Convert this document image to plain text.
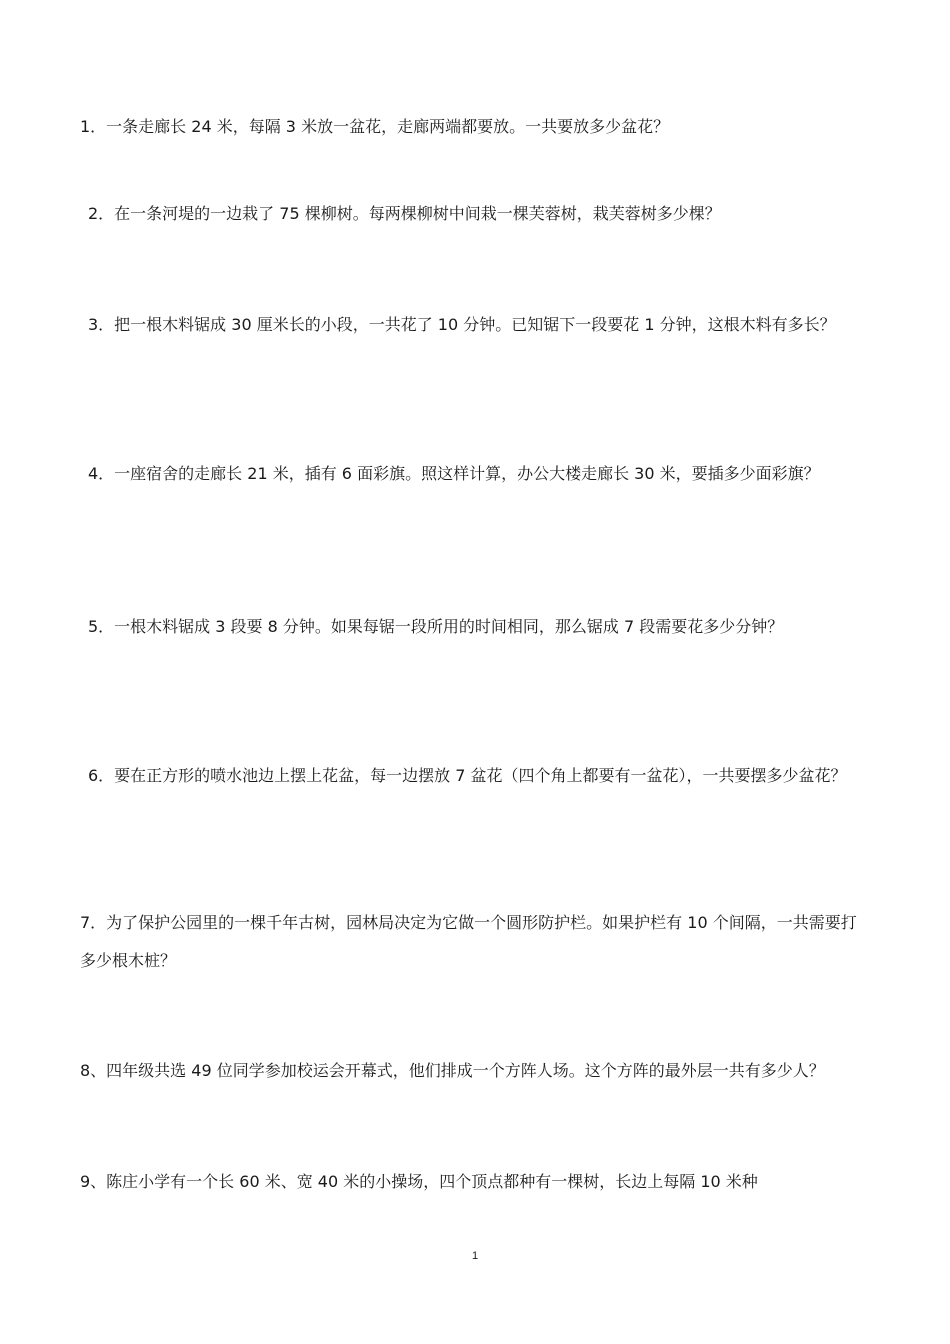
1．一条走廊长 24 米，每隔 3 米放一盆花，走廊两端都要放。一共要放多少盆花？

2．在一条河堤的一边栽了 75 棵柳树。每两棵柳树中间栽一棵芙蓉树，栽芙蓉树多少棵？

3．把一根木料锯成 30 厘米长的小段，一共花了 10 分钟。已知锯下一段要花 1 分钟，这根木料有多长？

4．一座宿舍的走廊长 21 米，插有 6 面彩旗。照这样计算，办公大楼走廊长 30 米，要插多少面彩旗？

5．一根木料锯成 3 段要 8 分钟。如果每锯一段所用的时间相同，那么锯成 7 段需要花多少分钟？

6．要在正方形的喷水池边上摆上花盆，每一边摆放 7 盆花（四个角上都要有一盆花），一共要摆多少盆花？

7．为了保护公园里的一棵千年古树，园林局决定为它做一个圆形防护栏。如果护栏有 10 个间隔，一共需要打多少根木桩？

8、四年级共选 49 位同学参加校运会开幕式，他们排成一个方阵人场。这个方阵的最外层一共有多少人？

9、陈庄小学有一个长 60 米、宽 40 米的小操场，四个顶点都种有一棵树，长边上每隔 10 米种

1
